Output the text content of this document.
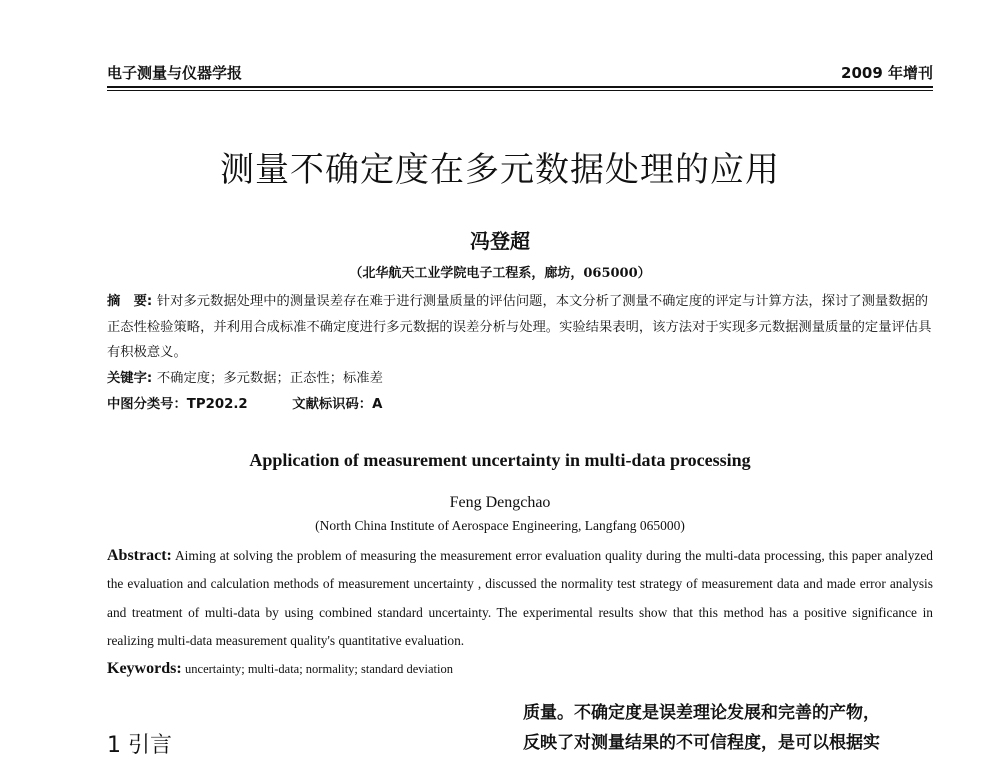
电子测量与仪器学报	2009 年增刊
测量不确定度在多元数据处理的应用
冯登超
（北华航天工业学院电子工程系，廊坊，065000）
摘　要: 针对多元数据处理中的测量误差存在难于进行测量质量的评估问题，本文分析了测量不确定度的评定与计算方法，探讨了测量数据的正态性检验策略，并利用合成标准不确定度进行多元数据的误差分析与处理。实验结果表明，该方法对于实现多元数据测量质量的定量评估具有积极意义。
关键字: 不确定度；多元数据；正态性；标准差
中图分类号：TP202.2	文献标识码：A
Application of measurement uncertainty in multi-data processing
Feng Dengchao
(North China Institute of Aerospace Engineering, Langfang 065000)
Abstract: Aiming at solving the problem of measuring the measurement error evaluation quality during the multi-data processing, this paper analyzed the evaluation and calculation methods of measurement uncertainty , discussed the normality test strategy of measurement data and made error analysis and treatment of multi-data by using combined standard uncertainty. The experimental results show that this method has a positive significance in realizing multi-data measurement quality's quantitative evaluation.
Keywords: uncertainty; multi-data; normality; standard deviation
1 引言
质量。不确定度是误差理论发展和完善的产物，
反映了对测量结果的不可信程度，是可以根据实
